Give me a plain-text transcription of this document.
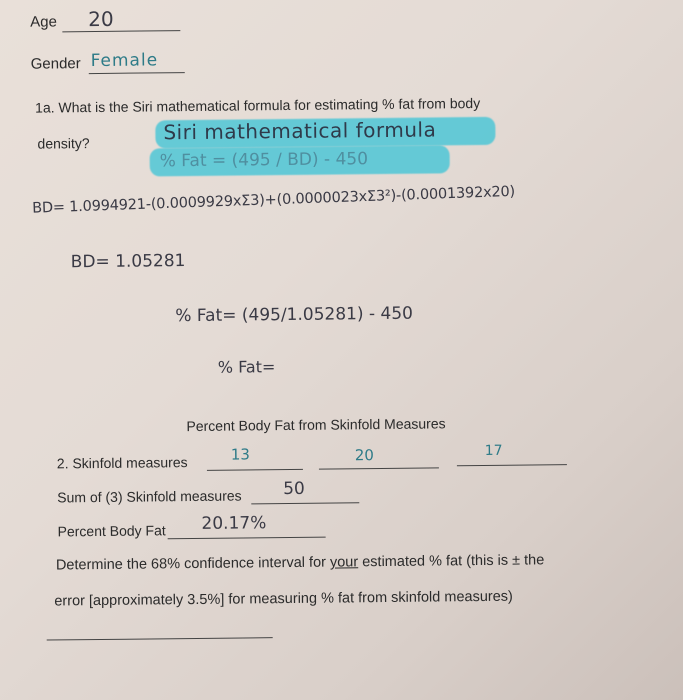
Age 20
Gender Female
1a. What is the Siri mathematical formula for estimating % fat from body
density?	Siri mathematical formula
% Fat = (495 / BD) - 450
BD= 1.0994921-(0.0009929xΣ3)+(0.0000023xΣ3²)-(0.0001392x20)
BD= 1.05281
% Fat= (495/1.05281) - 450
% Fat=
Percent Body Fat from Skinfold Measures
2. Skinfold measures	13	20	17
Sum of (3) Skinfold measures 50
Percent Body Fat 20.17%
Determine the 68% confidence interval for your estimated % fat (this is ± the
error [approximately 3.5%] for measuring % fat from skinfold measures)
